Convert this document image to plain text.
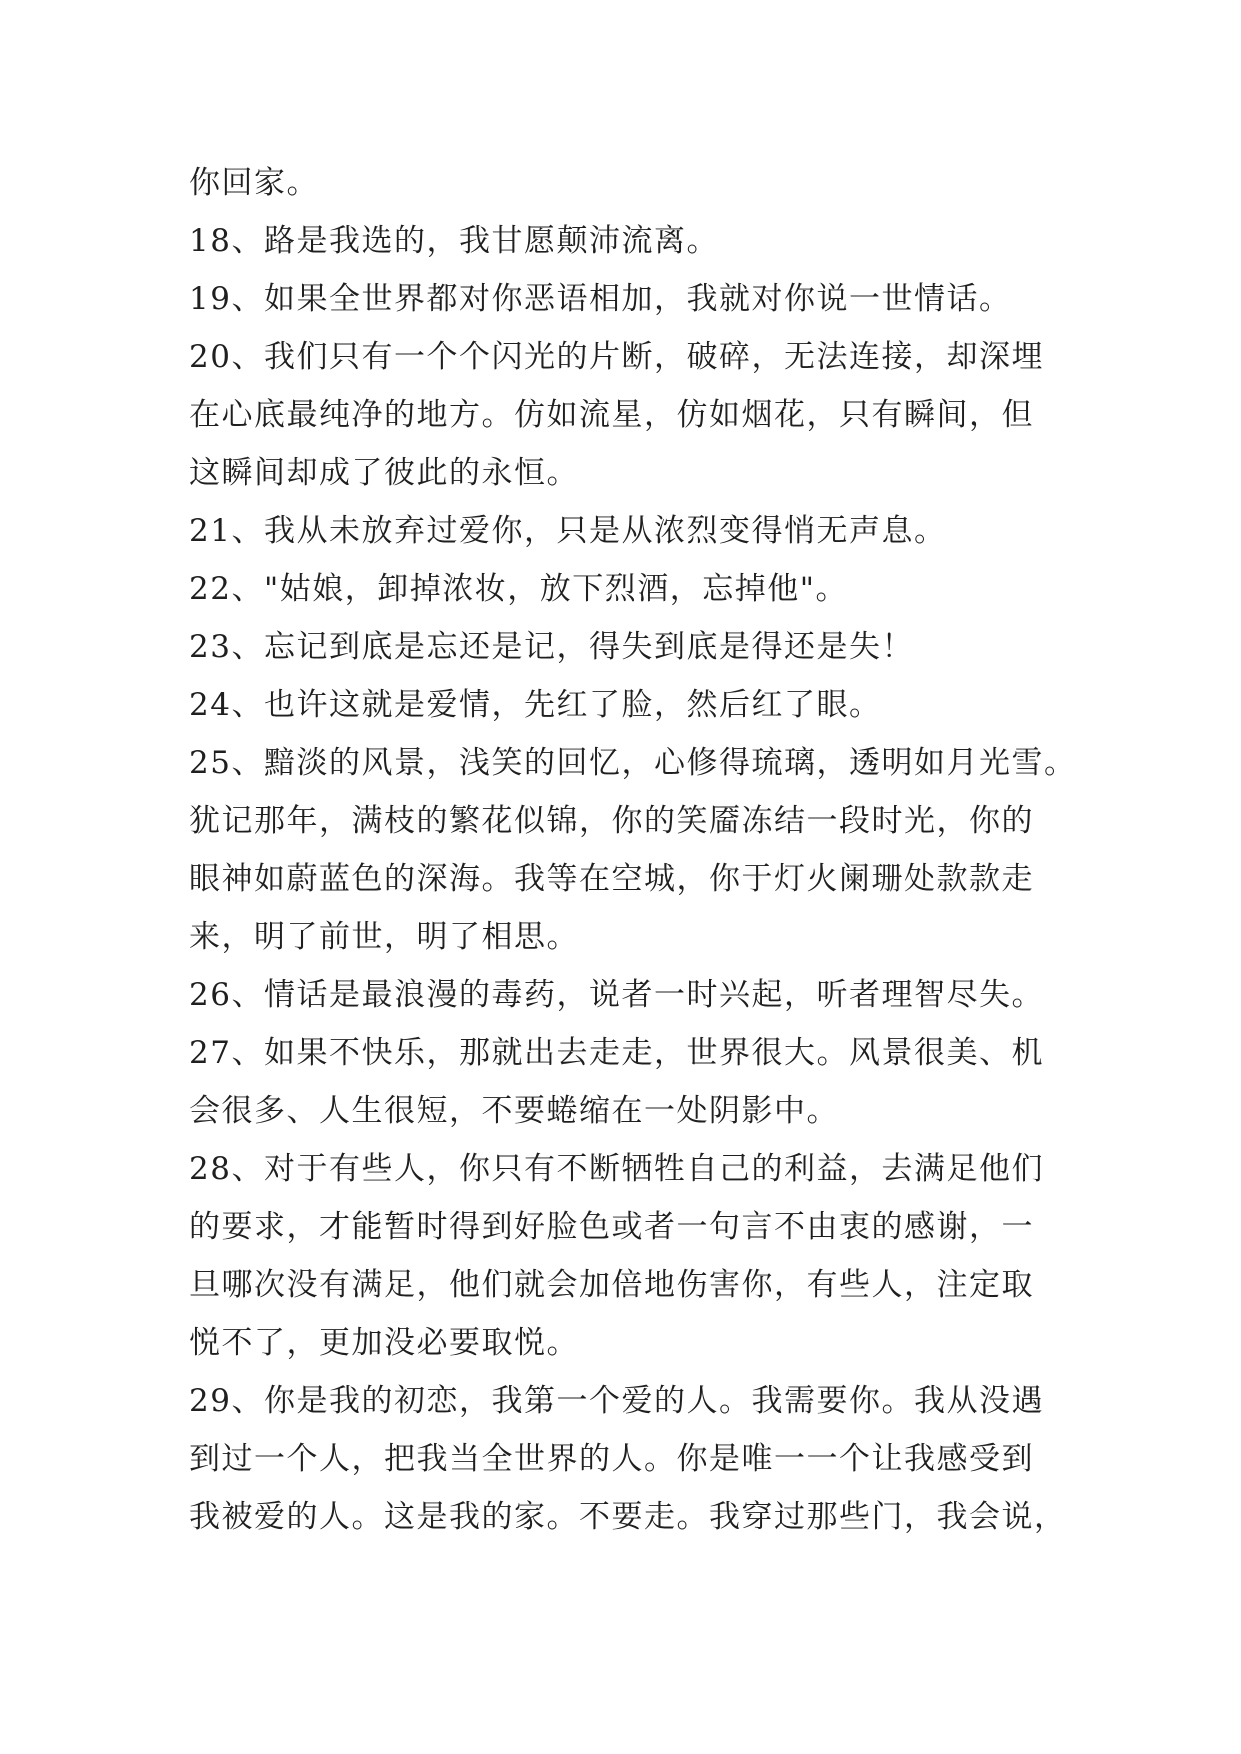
你回家。

18、路是我选的，我甘愿颠沛流离。

19、如果全世界都对你恶语相加，我就对你说一世情话。

20、我们只有一个个闪光的片断，破碎，无法连接，却深埋

在心底最纯净的地方。仿如流星，仿如烟花，只有瞬间，但

这瞬间却成了彼此的永恒。

21、我从未放弃过爱你，只是从浓烈变得悄无声息。

22、"姑娘，卸掉浓妆，放下烈酒，忘掉他"。

23、忘记到底是忘还是记，得失到底是得还是失！

24、也许这就是爱情，先红了脸，然后红了眼。

25、黯淡的风景，浅笑的回忆，心修得琉璃，透明如月光雪。

犹记那年，满枝的繁花似锦，你的笑靥冻结一段时光，你的

眼神如蔚蓝色的深海。我等在空城，你于灯火阑珊处款款走

来，明了前世，明了相思。

26、情话是最浪漫的毒药，说者一时兴起，听者理智尽失。

27、如果不快乐，那就出去走走，世界很大。风景很美、机

会很多、人生很短，不要蜷缩在一处阴影中。

28、对于有些人，你只有不断牺牲自己的利益，去满足他们

的要求，才能暂时得到好脸色或者一句言不由衷的感谢，一

旦哪次没有满足，他们就会加倍地伤害你，有些人，注定取

悦不了，更加没必要取悦。

29、你是我的初恋，我第一个爱的人。我需要你。我从没遇

到过一个人，把我当全世界的人。你是唯一一个让我感受到

我被爱的人。这是我的家。不要走。我穿过那些门，我会说，
